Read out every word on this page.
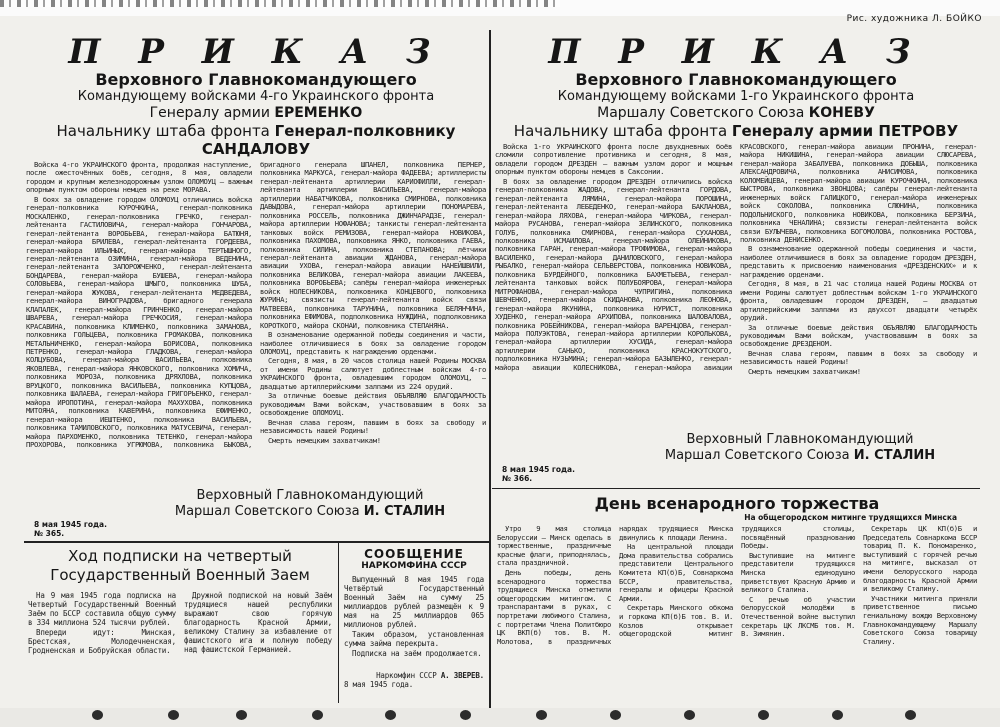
Рис. художника Л. БОЙКО
П Р И К А З
Верховного Главнокомандующего
Командующему войсками 4-го Украинского фронта
Генералу армии ЕРЕМЕНКО
Начальнику штаба фронта Генерал-полковнику САНДАЛОВУ

Войска 4-го УКРАИНСКОГО фронта, продолжая наступление, после ожесточённых боёв, сегодня, 8 мая, овладели городом и крупным железнодорожным узлом ОЛОМОУЦ — важным опорным пунктом обороны немцев на реке МОРАВА.

В боях за овладение городом ОЛОМОУЦ отличились войска генерал-полковника КУРОЧКИНА, генерал-полковника МОСКАЛЕНКО, генерал-полковника ГРЕЧКО, генерал-лейтенанта ГАСТИЛОВИЧА, генерал-майора ГОНЧАРОВА, генерал-лейтенанта ВОРОБЬЕВА, генерал-майора БАТЮНЯ, генерал-майора БРИЛЕВА, генерал-лейтенанта ГОРДЕЕВА, генерал-майора ИЛЬИНЫХ, генерал-майора ТЕРТЫШНОГО, генерал-лейтенанта ОЗИМИНА, генерал-майора ВЕДЕНИНА, генерал-лейтенанта ЗАПОРОЖЧЕНКО, генерал-лейтенанта БОНДАРЕВА, генерал-майора БУШЕВА, генерал-майора СОЛОВЬЕВА, генерал-майора ШМЫГО, полковника ШУБА, генерал-майора ЖУКОВА, генерал-лейтенанта МЕДВЕДЕВА, генерал-майора ВИНОГРАДОВА, бригадного генерала КЛАПАЛЕК, генерал-майора ГРИНЧЕНКО, генерал-майора ШВАРЕВА, генерал-майора ГРЕЧКОСИЯ, генерал-майора КРАСАВИНА, полковника КЛИМЕНКО, полковника ЗАМАНОВА, полковника ГОЛЬЦЕВА, полковника ГРОМАКОВА, полковника МЕТАЛЬНИЧЕНКО, генерал-майора БОРИСОВА, полковника ПЕТРЕНКО, генерал-майора ГЛАДКОВА, генерал-майора КОЛЦУБОВА, генерал-майора ВАСИЛЬЕВА, полковника ЯКОВЛЕВА, генерал-майора ЯНКОВСКОГО, полковника ХОМИЧА, полковника МОРОЗА, полковника ДРЯХЛОВА, полковника ВРУЦКОГО, полковника ВАСИЛЬЕВА, полковника КУПЦОВА, полковника ШАЛАЕВА, генерал-майора ГРИГОРЬЕНКО, генерал-майора ИРОПОТИНА, генерал-майора МАХУХОВА, полковника МИТОЯНА, полковника КАВЕРИНА, полковника ЕФИМЕНКО, генерал-майора ИЕШТЕНКО, полковника ВАСИЛЬЕВА, полковника ТАМИЛОВСКОГО, полковника МАТУСЕВИЧА, генерал-майора ПАРХОМЕНКО, полковника ТЕТЕНКО, генерал-майора ПРОХОРОВА, полковника УГРЮМОВА, полковника БЫКОВА, бригадного генерала ШПАНЕЛ, полковника ПЕРНЕР, полковника МАРКУСА, генерал-майора ФАДЕЕВА; артиллеристы генерал-лейтенанта артиллерии КАРИОФИЛЛИ, генерал-лейтенанта артиллерии ВАСИЛЬЕВА, генерал-майора артиллерии НАБАТЧИКОВА, полковника СМИРНОВА, полковника ДАВЫДОВА, генерал-майора артиллерии ПОНОМАРЕВА, полковника РОССЕЛЬ, полковника ДЖИНЧАРАДЗЕ, генерал-майора артиллерии НОФАНОВА; танкисты генерал-лейтенанта танковых войск РЕМИЗОВА, генерал-майора НОВИКОВА, полковника ПАХОМОВА, полковника ЯНКО, полковника ГАЕВА, полковника СИЛИНА, полковника СТЕПАНОВА; лётчики генерал-лейтенанта авиации ЖДАНОВА, генерал-майора авиации УХОВА, генерал-майора авиации НАНЕЙШВИЛИ, полковника ВЕЛИКОВА, генерал-майора авиации ЛАКЕЕВА, полковника ВОРОБЬЕВА; сапёры генерал-майора инженерных войск НОЛЕСНИКОВА, полковника КОНЦЕВОГО, полковника ЖУРИНА; связисты генерал-лейтенанта войск связи МАТВЕЕВА, полковника ТАРУНИНА, полковника БЕЛЯНЧИНА, полковника ЕФИМОВА, подполковника НУЖДИНА, подполковника КОРОТКОГО, майора СКОНАИ, полковника СТЕПАНЯНА.

В ознаменование одержанной победы соединения и части, наиболее отличившиеся в боях за овладение городом ОЛОМОУЦ, представить к награждению орденами.

Сегодня, 8 мая, в 20 часов столица нашей Родины МОСКВА от имени Родины салютует доблестным войскам 4-го УКРАИНСКОГО фронта, овладевшим городом ОЛОМОУЦ, — двадцатью артиллерийскими залпами из 224 орудий.

За отличные боевые действия ОБЪЯВЛЯЮ БЛАГОДАРНОСТЬ руководимым Вами войскам, участвовавшим в боях за освобождение ОЛОМОУЦ.

Вечная слава героям, павшим в боях за свободу и независимость нашей Родины!

Смерть немецким захватчикам!

Верховный Главнокомандующий
Маршал Советского Союза И. СТАЛИН
8 мая 1945 года.
№ 365.
П Р И К А З
Верховного Главнокомандующего
Командующему войсками 1-го Украинского фронта
Маршалу Советского Союза КОНЕВУ
Начальнику штаба фронта Генералу армии ПЕТРОВУ

Войска 1-го УКРАИНСКОГО фронта после двухдневных боёв сломили сопротивление противника и сегодня, 8 мая, овладели городом ДРЕЗДЕН — важным узлом дорог и мощным опорным пунктом обороны немцев в Саксонии.

В боях за овладение городом ДРЕЗДЕН отличились войска генерал-полковника ЖАДОВА, генерал-лейтенанта ГОРДОВА, генерал-лейтенанта ЛЯМИНА, генерал-майора ПОРОШИНА, генерал-лейтенанта ЛЕБЕДЕНКО, генерал-майора БАКЛАНОВА, генерал-майора ЛЯХОВА, генерал-майора ЧИРКОВА, генерал-майора РУСАНОВА, генерал-майора ЗЕЛИНСКОГО, полковника ГОЛУБ, полковника СМИРНОВА, генерал-майора СУХАНОВА, полковника ИСМАИЛОВА, генерал-майора ОЛЕЙНИКОВА, полковника ГАРАН, генерал-майора ТРОФИМОВА, генерал-майора ВАСИЛЕНКО, генерал-майора ДАНИЛОВСКОГО, генерал-майора РЫБАЛКО, генерал-майора СЕЛЬВЕРСТОВА, полковника НОВИКОВА, полковника БУРДЕЙНОГО, полковника БАХМЕТЬЕВА, генерал-лейтенанта танковых войск ПОЛУБОЯРОВА, генерал-майора МИТРОФАНОВА, генерал-майора ЧУПРИГИНА, полковника ШЕВЧЕНКО, генерал-майора СКИДАНОВА, полковника ЛЕОНОВА, генерал-майора ЯКУНИНА, полковника НУРИСТ, полковника ХУДЕНКО, генерал-майора АРХИПОВА, полковника ШАЛОВАЛОВА, полковника РОБЕЙНИКОВА, генерал-майора ВАРЕНЦОВА, генерал-майора ПОЛУЭКТОВА, генерал-майора артиллерии КОРОЛЬКОВА, генерал-майора артиллерии ХУСИДА, генерал-майора артиллерии САНЬКО, полковника КРАСНОКУТСКОГО, подполковника НУЗЬМИНА; генерал-майора БАЗЫЛЕНКО, генерал-майора авиации КОЛЕСНИКОВА, генерал-майора авиации КРАСОВСКОГО, генерал-майора авиации ПРОНИНА, генерал-майора НИКИШИНА, генерал-майора авиации СЛЮСАРЕВА, генерал-майора ЗАБАЛУЕВА, полковника ДОБЫША, полковника АЛЕКСАНДРОВИЧА, полковника АНИСИМОВА, полковника КОЛОМЕЙЦЕВА, генерал-майора авиации КУРОЧКИНА, полковника БЫСТРОВА, полковника ЗВОНЦОВА; сапёры генерал-лейтенанта инженерных войск ГАЛИЦКОГО, генерал-майора инженерных войск СОКОЛОВА, полковника СЛЮНИНА, полковника ПОДОЛЬНИСКОГО, полковника НОВИКОВА, полковника БЕРЗИНА, полковника ЧЕНАЛИНА; связисты генерал-лейтенанта войск связи БУЛЫЧЕВА, полковника БОГОМОЛОВА, полковника РОСТОВА, полковника ДЕНИСЕНКО.

В ознаменование одержанной победы соединения и части, наиболее отличившиеся в боях за овладение городом ДРЕЗДЕН, представить к присвоению наименования «ДРЕЗДЕНСКИХ» и к награждению орденами.

Сегодня, 8 мая, в 21 час столица нашей Родины МОСКВА от имени Родины салютует доблестным войскам 1-го УКРАИНСКОГО фронта, овладевшим городом ДРЕЗДЕН, — двадцатью артиллерийскими залпами из двухсот двадцати четырёх орудий.

За отличные боевые действия ОБЪЯВЛЯЮ БЛАГОДАРНОСТЬ руководимым Вами войскам, участвовавшим в боях за освобождение ДРЕЗДЕНОМ.

Вечная слава героям, павшим в боях за свободу и независимость нашей Родины!

Смерть немецким захватчикам!

Верховный Главнокомандующий
Маршал Советского Союза И. СТАЛИН
8 мая 1945 года.
№ 366.
Ход подписки на четвертый
Государственный Военный Заем

На 9 мая 1945 года подписка на Четвертый Государственный Военный Заём по БССР составила общую сумму в 334 миллиона 524 тысячи рублей.

Впереди идут: Минская, Брестская, Молодечненская, Гродненская и Бобруйская области.

Дружной подпиской на новый Заём трудящиеся нашей республики выражают свою горячую благодарность Красной Армии, великому Сталину за избавление от фашистского ига и полную победу над фашистской Германией.

СООБЩЕНИЕ
НАРКОМФИНА СССР

Выпущенный 8 мая 1945 года Четвёртый Государственный Военный Заём на сумму 25 миллиардов рублей размещён к 9 мая на 25 миллиардов 065 миллионов рублей.

Таким образом, установленная сумма займа перекрыта.

Подписка на заём продолжается.

Наркомфин СССР А. ЗВЕРЕВ.
8 мая 1945 года.
День всенародного торжества
На общегородском митинге трудящихся Минска

Утро 9 мая столица Белоруссии — Минск оделась в торжественные, праздничные красные флаги, приподнялась, стала праздничной.

День победы, день всенародного торжества трудящиеся Минска отметили общегородским митингом. С транспарантами в руках, с портретами любимого Сталина, с портретами Члена Политбюро ЦК ВКП(б) тов. В. М. Молотова, в праздничных нарядах трудящиеся Минска двинулись к площади Ленина.

На центральной площади Дома правительства собрались представители Центрального Комитета КП(б)Б, Совнаркома БССР, правительства, генералы и офицеры Красной Армии.

Секретарь Минского обкома и горкома КП(б)Б тов. В. И. Козлов открывает общегородской митинг трудящихся столицы, посвящённый празднованию Победы.

Выступившие на митинге представители трудящихся Минска единодушно приветствуют Красную Армию и великого Сталина.

С речью об участии белорусской молодёжи в Отечественной войне выступил секретарь ЦК ЛКСМБ тов. М. В. Зимянин.

Секретарь ЦК КП(б)Б и Председатель Совнаркома БССР товарищ П. К. Пономаренко, выступивший с горячей речью на митинге, высказал от имени белорусского народа благодарность Красной Армии и великому Сталину.

Участники митинга приняли приветственное письмо гениальному вождю Верховному Главнокомандующему Маршалу Советского Союза товарищу Сталину.
